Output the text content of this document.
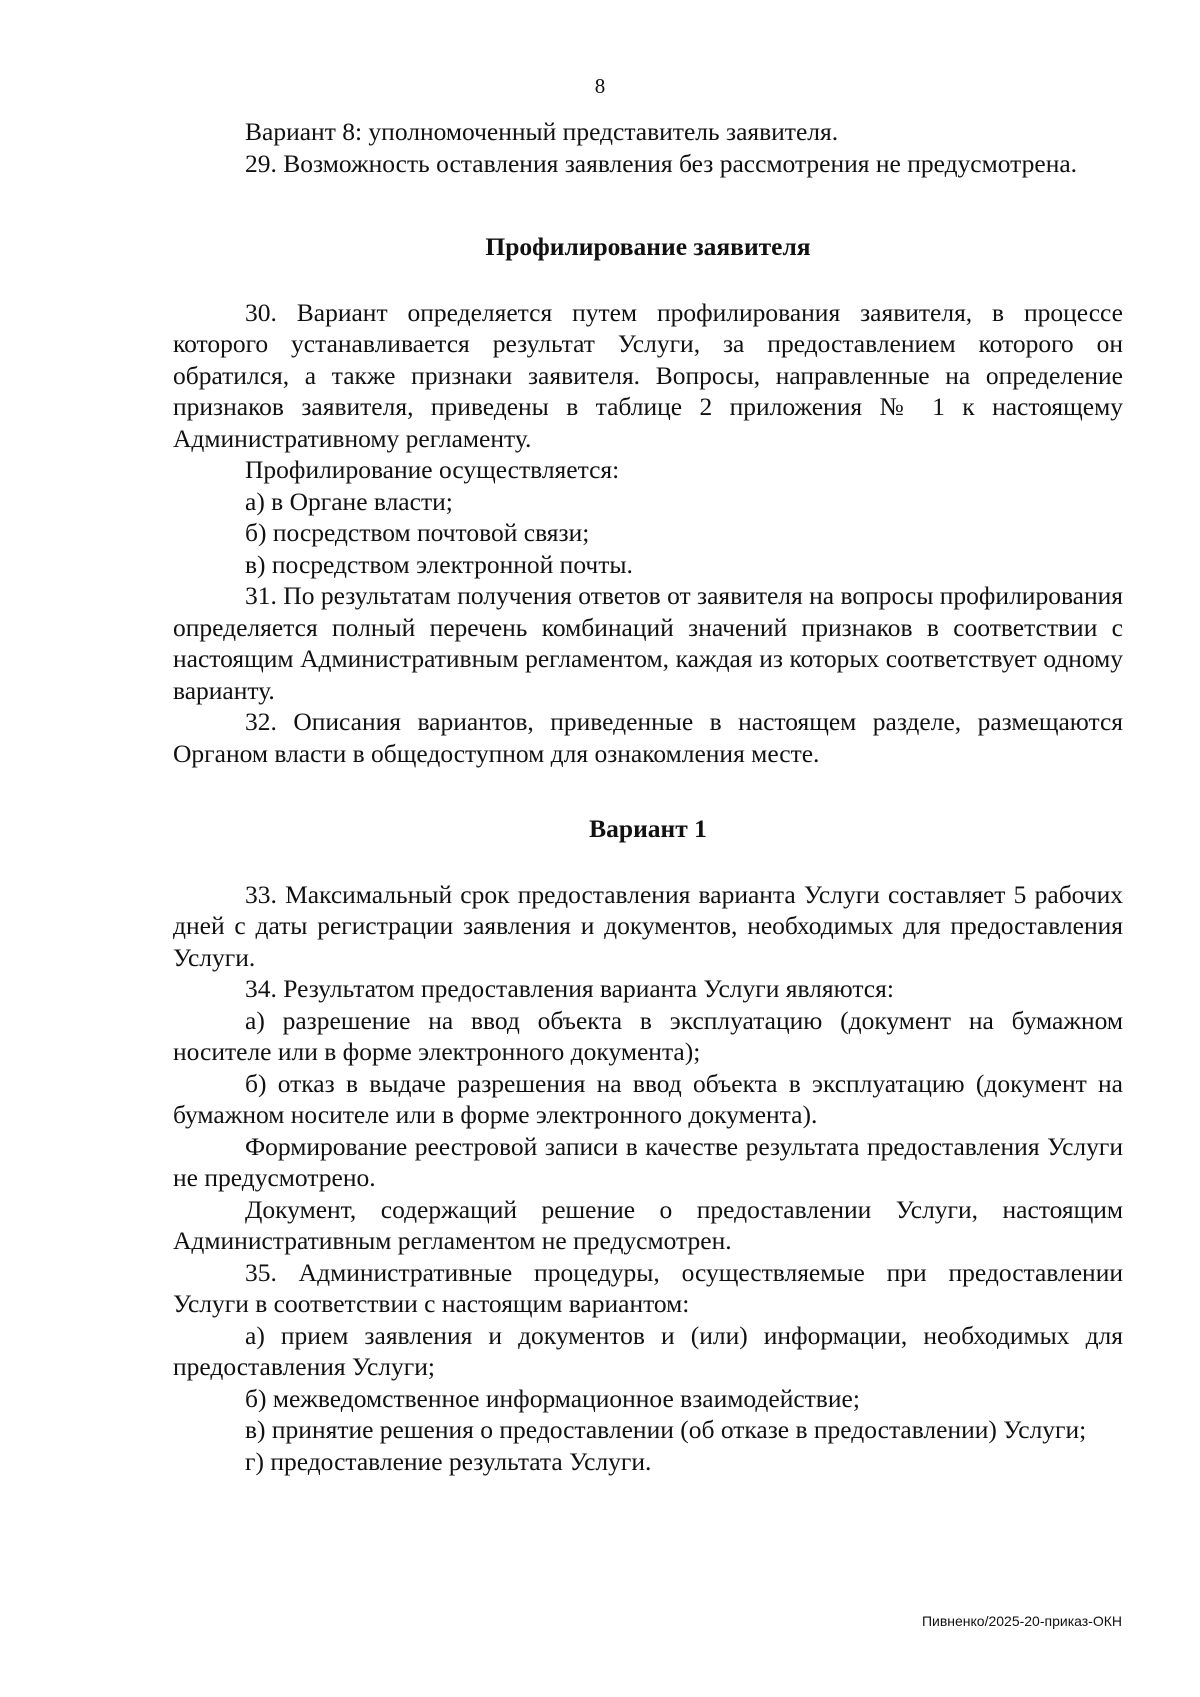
8

Вариант 8: уполномоченный представитель заявителя.

29. Возможность оставления заявления без рассмотрения не предусмотрена.

Профилирование заявителя

30. Вариант определяется путем профилирования заявителя, в процессе которого устанавливается результат Услуги, за предоставлением которого он обратился, а также признаки заявителя. Вопросы, направленные на определение признаков заявителя, приведены в таблице 2 приложения № 1 к настоящему Административному регламенту.

Профилирование осуществляется:

а) в Органе власти;

б) посредством почтовой связи;

в) посредством электронной почты.

31. По результатам получения ответов от заявителя на вопросы профилирования определяется полный перечень комбинаций значений признаков в соответствии с настоящим Административным регламентом, каждая из которых соответствует одному варианту.

32. Описания вариантов, приведенные в настоящем разделе, размещаются Органом власти в общедоступном для ознакомления месте.

Вариант 1

33. Максимальный срок предоставления варианта Услуги составляет 5 рабочих дней с даты регистрации заявления и документов, необходимых для предоставления Услуги.

34. Результатом предоставления варианта Услуги являются:

а) разрешение на ввод объекта в эксплуатацию (документ на бумажном носителе или в форме электронного документа);

б) отказ в выдаче разрешения на ввод объекта в эксплуатацию (документ на бумажном носителе или в форме электронного документа).

Формирование реестровой записи в качестве результата предоставления Услуги не предусмотрено.

Документ, содержащий решение о предоставлении Услуги, настоящим Административным регламентом не предусмотрен.

35. Административные процедуры, осуществляемые при предоставлении Услуги в соответствии с настоящим вариантом:

а) прием заявления и документов и (или) информации, необходимых для предоставления Услуги;

б) межведомственное информационное взаимодействие;

в) принятие решения о предоставлении (об отказе в предоставлении) Услуги;

г) предоставление результата Услуги.

Пивненко/2025-20-приказ-ОКН
